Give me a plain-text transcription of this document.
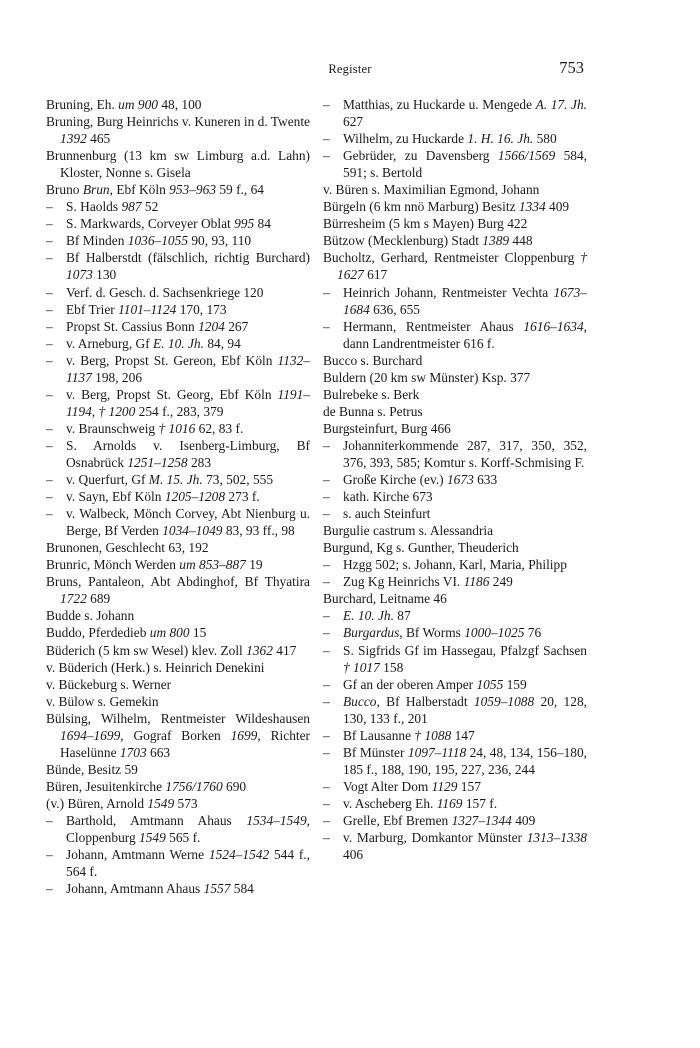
Register	753

Bruning, Eh. um 900 48, 100

Bruning, Burg Heinrichs v. Kuneren in d. Twente 1392 465

Brunnenburg (13 km sw Limburg a.d. Lahn) Kloster, Nonne s. Gisela

Bruno Brun, Ebf Köln 953–963 59 f., 64

– S. Haolds 987 52

– S. Markwards, Corveyer Oblat 995 84

– Bf Minden 1036–1055 90, 93, 110

– Bf Halberstdt (fälschlich, richtig Burchard) 1073 130

– Verf. d. Gesch. d. Sachsenkriege 120

– Ebf Trier 1101–1124 170, 173

– Propst St. Cassius Bonn 1204 267

– v. Arneburg, Gf E. 10. Jh. 84, 94

– v. Berg, Propst St. Gereon, Ebf Köln 1132–1137 198, 206

– v. Berg, Propst St. Georg, Ebf Köln 1191–1194, † 1200 254 f., 283, 379

– v. Braunschweig † 1016 62, 83 f.

– S. Arnolds v. Isenberg-Limburg, Bf Osnabrück 1251–1258 283

– v. Querfurt, Gf M. 15. Jh. 73, 502, 555

– v. Sayn, Ebf Köln 1205–1208 273 f.

– v. Walbeck, Mönch Corvey, Abt Nienburg u. Berge, Bf Verden 1034–1049 83, 93 ff., 98

Brunonen, Geschlecht 63, 192

Brunric, Mönch Werden um 853–887 19

Bruns, Pantaleon, Abt Abdinghof, Bf Thyatira 1722 689

Budde s. Johann

Buddo, Pferdedieb um 800 15

Büderich (5 km sw Wesel) klev. Zoll 1362 417

v. Büderich (Herk.) s. Heinrich Denekini

v. Bückeburg s. Werner

v. Bülow s. Gemekin

Bülsing, Wilhelm, Rentmeister Wildeshausen 1694–1699, Gograf Borken 1699, Richter Haselünne 1703 663

Bünde, Besitz 59

Büren, Jesuitenkirche 1756/1760 690

(v.) Büren, Arnold 1549 573

– Barthold, Amtmann Ahaus 1534–1549, Cloppenburg 1549 565 f.

– Johann, Amtmann Werne 1524–1542 544 f., 564 f.

– Johann, Amtmann Ahaus 1557 584

– Matthias, zu Huckarde u. Mengede A. 17. Jh. 627

– Wilhelm, zu Huckarde 1. H. 16. Jh. 580

– Gebrüder, zu Davensberg 1566/1569 584, 591; s. Bertold

v. Büren s. Maximilian Egmond, Johann

Bürgeln (6 km nnö Marburg) Besitz 1334 409

Bürresheim (5 km s Mayen) Burg 422

Bützow (Mecklenburg) Stadt 1389 448

Bucholtz, Gerhard, Rentmeister Cloppenburg † 1627 617

– Heinrich Johann, Rentmeister Vechta 1673–1684 636, 655

– Hermann, Rentmeister Ahaus 1616–1634, dann Landrentmeister 616 f.

Bucco s. Burchard

Buldern (20 km sw Münster) Ksp. 377

Bulrebeke s. Berk

de Bunna s. Petrus

Burgsteinfurt, Burg 466

– Johanniterkommende 287, 317, 350, 352, 376, 393, 585; Komtur s. Korff-Schmising F.

– Große Kirche (ev.) 1673 633

– kath. Kirche 673

– s. auch Steinfurt

Burgulie castrum s. Alessandria

Burgund, Kg s. Gunther, Theuderich

– Hzgg 502; s. Johann, Karl, Maria, Philipp

– Zug Kg Heinrichs VI. 1186 249

Burchard, Leitname 46

– E. 10. Jh. 87

– Burgardus, Bf Worms 1000–1025 76

– S. Sigfrids Gf im Hassegau, Pfalzgf Sachsen † 1017 158

– Gf an der oberen Amper 1055 159

– Bucco, Bf Halberstadt 1059–1088 20, 128, 130, 133 f., 201

– Bf Lausanne † 1088 147

– Bf Münster 1097–1118 24, 48, 134, 156–180, 185 f., 188, 190, 195, 227, 236, 244

– Vogt Alter Dom 1129 157

– v. Ascheberg Eh. 1169 157 f.

– Grelle, Ebf Bremen 1327–1344 409

– v. Marburg, Domkantor Münster 1313–1338 406
